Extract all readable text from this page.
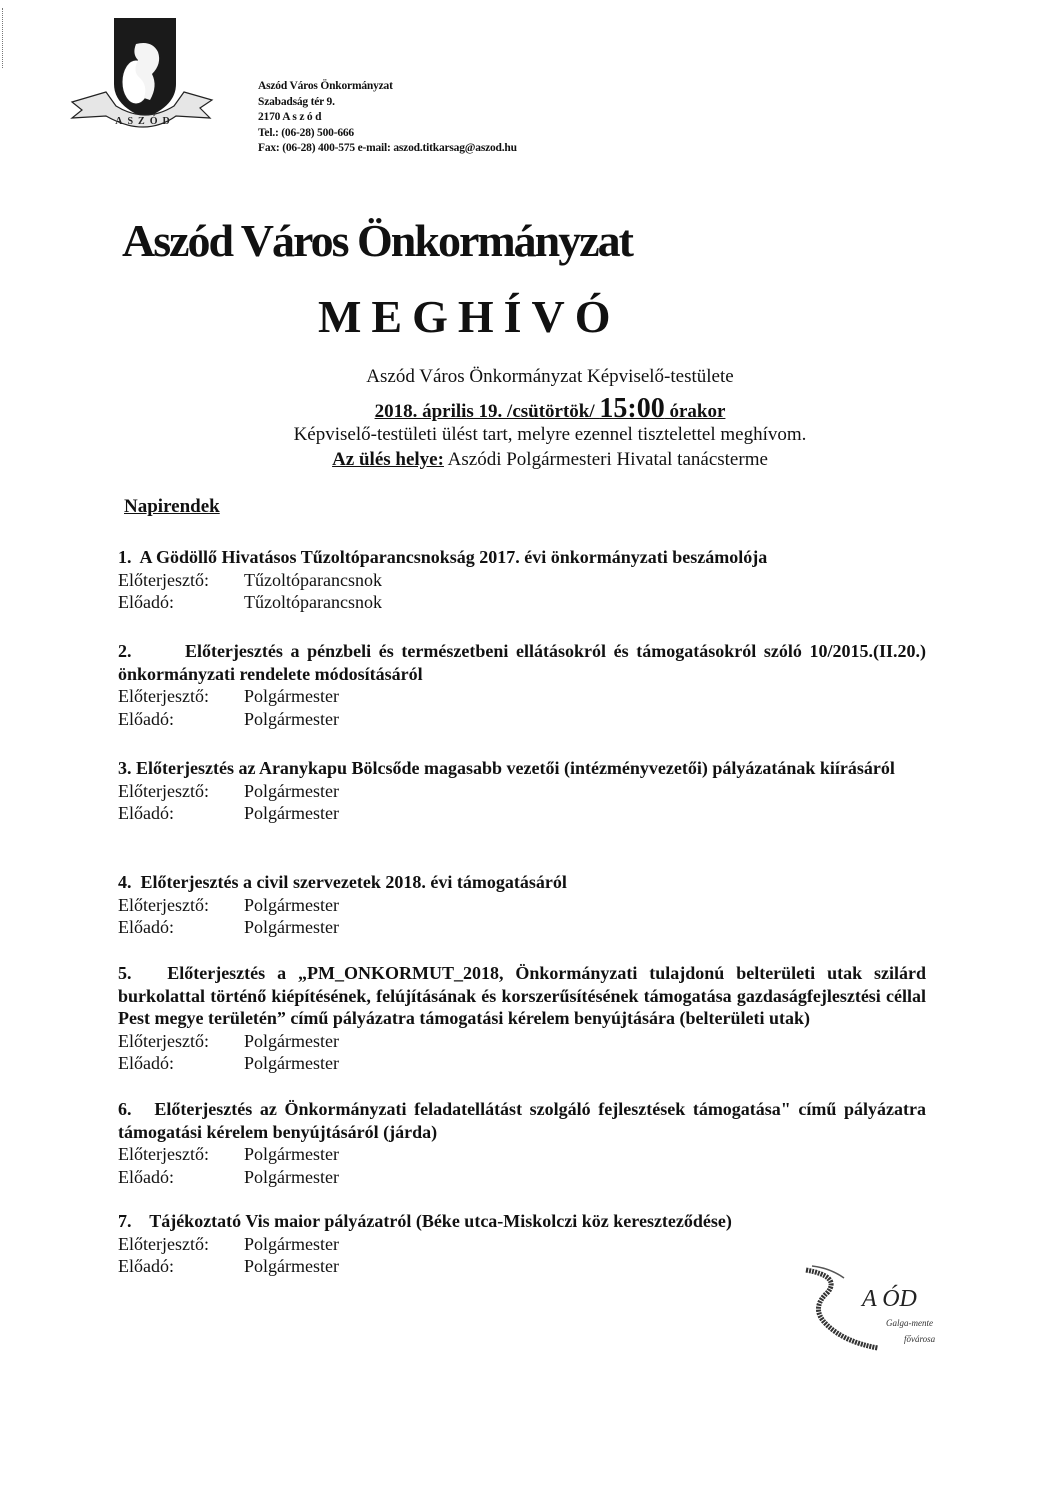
ASZÓD
Aszód Város Önkormányzat
Szabadság tér 9.
2170 A s z ó d
Tel.: (06-28) 500-666
Fax: (06-28) 400-575 e-mail: aszod.titkarsag@aszod.hu
Aszód Város Önkormányzat
MEGHÍVÓ
Aszód Város Önkormányzat Képviselő-testülete
2018. április 19. /csütörtök/ 15:00 órakor
Képviselő-testületi ülést tart, melyre ezennel tisztelettel meghívom.
Az ülés helye: Aszódi Polgármesteri Hivatal tanácsterme
Napirendek
1. A Gödöllő Hivatásos Tűzoltóparancsnokság 2017. évi önkormányzati beszámolója
Előterjesztő:	Tűzoltóparancsnok
Előadó:	Tűzoltóparancsnok
2.	Előterjesztés a pénzbeli és természetbeni ellátásokról és támogatásokról szóló 10/2015.(II.20.) önkormányzati rendelete módosításáról
Előterjesztő:	Polgármester
Előadó:	Polgármester
3. Előterjesztés az Aranykapu Bölcsőde magasabb vezetői (intézményvezetői) pályázatának kiírásáról
Előterjesztő:	Polgármester
Előadó:	Polgármester
4. Előterjesztés a civil szervezetek 2018. évi támogatásáról
Előterjesztő:	Polgármester
Előadó:	Polgármester
5. Előterjesztés a „PM_ONKORMUT_2018, Önkormányzati tulajdonú belterületi utak szilárd burkolattal történő kiépítésének, felújításának és korszerűsítésének támogatása gazdaságfejlesztési céllal Pest megye területén” című pályázatra támogatási kérelem benyújtására (belterületi utak)
Előterjesztő:	Polgármester
Előadó:	Polgármester
6. Előterjesztés az Önkormányzati feladatellátást szolgáló fejlesztések támogatása" című pályázatra támogatási kérelem benyújtásáról (járda)
Előterjesztő:	Polgármester
Előadó:	Polgármester
7. Tájékoztató Vis maior pályázatról (Béke utca-Miskolczi köz kereszteződése)
Előterjesztő:	Polgármester
Előadó:	Polgármester
A ÓD
Galga-mente
fővárosa
